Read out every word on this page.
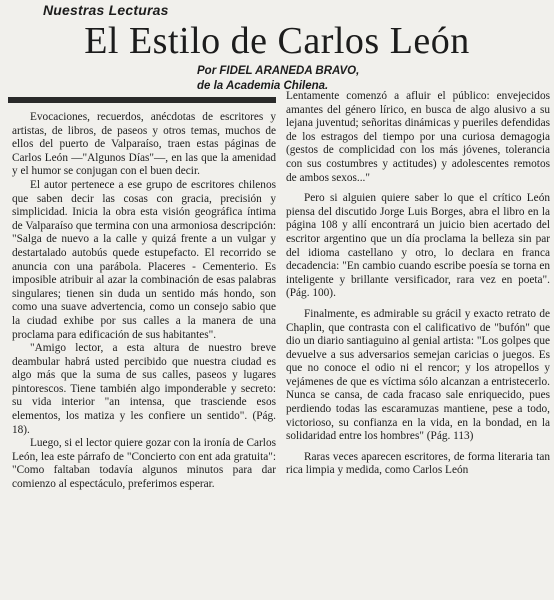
Nuestras Lecturas
El Estilo de Carlos León
Por FIDEL ARANEDA BRAVO,
de la Academia Chilena.

Evocaciones, recuerdos, anécdotas de escritores y artistas, de libros, de paseos y otros temas, muchos de ellos del puerto de Valparaíso, traen estas páginas de Carlos León —"Algunos Días"—, en las que la amenidad y el humor se conjugan con el buen decir.

El autor pertenece a ese grupo de escritores chilenos que saben decir las cosas con gracia, precisión y simplicidad. Inicia la obra esta visión geográfica íntima de Valparaíso que termina con una armoniosa descripción: "Salga de nuevo a la calle y quizá frente a un vulgar y destartalado autobús quede estupefacto. El recorrido se anuncia con una parábola. Placeres - Cementerio. Es imposible atribuir al azar la combinación de esas palabras singulares; tienen sin duda un sentido más hondo, son como una suave advertencia, como un consejo sabio que la ciudad exhibe por sus calles a la manera de una proclama para edificación de sus habitantes".

"Amigo lector, a esta altura de nuestro breve deambular habrá usted percibido que nuestra ciudad es algo más que la suma de sus calles, paseos y lugares pintorescos. Tiene también algo imponderable y secreto: su vida interior "an intensa, que trasciende esos elementos, los matiza y les confiere un sentido". (Pág. 18).

Luego, si el lector quiere gozar con la ironía de Carlos León, lea este párrafo de "Concierto con ent ada gratuita": "Como faltaban todavía algunos minutos para dar comienzo al espectáculo, preferimos esperar.

Lentamente comenzó a afluir el público: envejecidos amantes del género lírico, en busca de algo alusivo a su lejana juventud; señoritas dinámicas y pueriles defendidas de los estragos del tiempo por una curiosa demagogia (gestos de complicidad con los más jóvenes, tolerancia con sus costumbres y actitudes) y adolescentes remotos de ambos sexos..."

Pero si alguien quiere saber lo que el crítico León piensa del discutido Jorge Luis Borges, abra el libro en la página 108 y allí encontrará un juicio bien acertado del escritor argentino que un día proclama la belleza sin par del idioma castellano y otro, lo declara en franca decadencia: "En cambio cuando escribe poesía se torna en inteligente y brillante versificador, rara vez en poeta". (Pág. 100).

Finalmente, es admirable su grácil y exacto retrato de Chaplin, que contrasta con el calificativo de "bufón" que dio un diario santiaguino al genial artista: "Los golpes que devuelve a sus adversarios semejan caricias o juegos. Es que no conoce el odio ni el rencor; y los atropellos y vejámenes de que es víctima sólo alcanzan a entristecerlo. Nunca se cansa, de cada fracaso sale enriquecido, pues perdiendo todas las escaramuzas mantiene, pese a todo, victorioso, su confianza en la vida, en la bondad, en la solidaridad entre los hombres" (Pág. 113)

Raras veces aparecen escritores, de forma literaria tan rica limpia y medida, como Carlos León
